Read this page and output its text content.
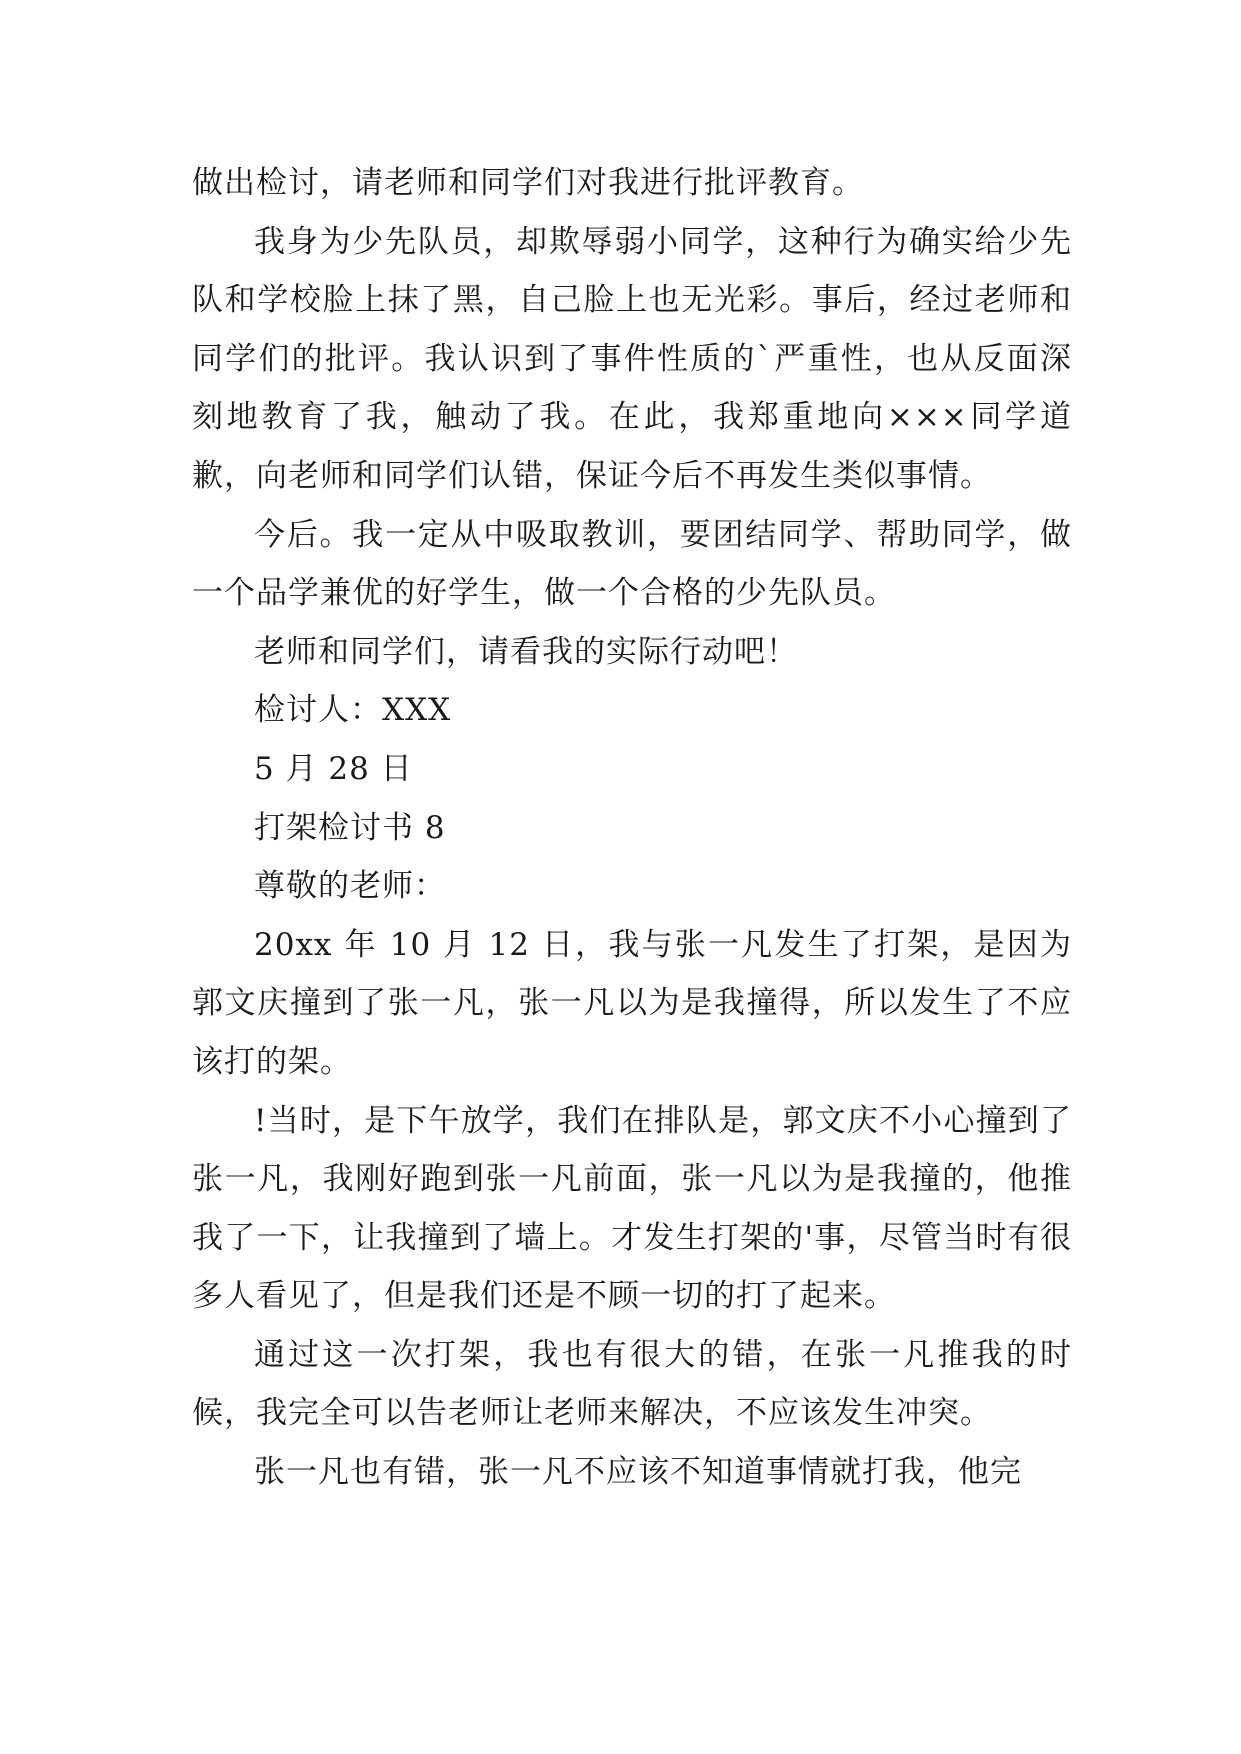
做出检讨，请老师和同学们对我进行批评教育。

我身为少先队员，却欺辱弱小同学，这种行为确实给少先队和学校脸上抹了黑，自己脸上也无光彩。事后，经过老师和同学们的批评。我认识到了事件性质的`严重性，也从反面深刻地教育了我，触动了我。在此，我郑重地向×××同学道歉，向老师和同学们认错，保证今后不再发生类似事情。

今后。我一定从中吸取教训，要团结同学、帮助同学，做一个品学兼优的好学生，做一个合格的少先队员。

老师和同学们，请看我的实际行动吧！

检讨人：XXX

5 月 28 日

打架检讨书 8

尊敬的老师：

20xx 年 10 月 12 日，我与张一凡发生了打架，是因为郭文庆撞到了张一凡，张一凡以为是我撞得，所以发生了不应该打的架。

!当时，是下午放学，我们在排队是，郭文庆不小心撞到了张一凡，我刚好跑到张一凡前面，张一凡以为是我撞的，他推我了一下，让我撞到了墙上。才发生打架的'事，尽管当时有很多人看见了，但是我们还是不顾一切的打了起来。

通过这一次打架，我也有很大的错，在张一凡推我的时候，我完全可以告老师让老师来解决，不应该发生冲突。

张一凡也有错，张一凡不应该不知道事情就打我，他完
